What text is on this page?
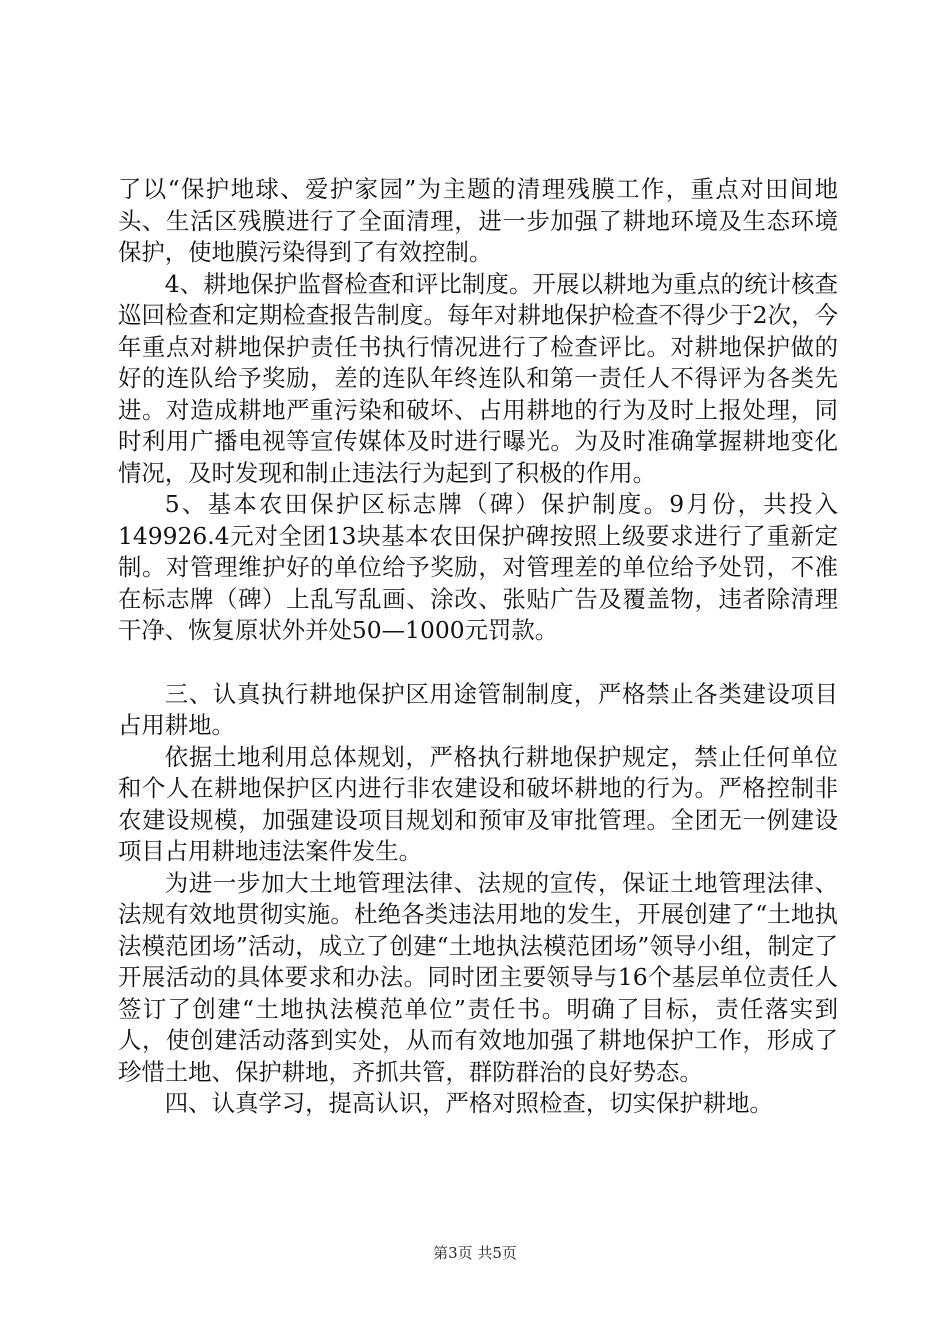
了以“保护地球、爱护家园”为主题的清理残膜工作，重点对田间地头、生活区残膜进行了全面清理，进一步加强了耕地环境及生态环境保护，使地膜污染得到了有效控制。

4、耕地保护监督检查和评比制度。开展以耕地为重点的统计核查巡回检查和定期检查报告制度。每年对耕地保护检查不得少于2次，今年重点对耕地保护责任书执行情况进行了检查评比。对耕地保护做的好的连队给予奖励，差的连队年终连队和第一责任人不得评为各类先进。对造成耕地严重污染和破坏、占用耕地的行为及时上报处理，同时利用广播电视等宣传媒体及时进行曝光。为及时准确掌握耕地变化情况，及时发现和制止违法行为起到了积极的作用。

5、基本农田保护区标志牌（碑）保护制度。9月份，共投入149926.4元对全团13块基本农田保护碑按照上级要求进行了重新定制。对管理维护好的单位给予奖励，对管理差的单位给予处罚，不准在标志牌（碑）上乱写乱画、涂改、张贴广告及覆盖物，违者除清理干净、恢复原状外并处50—1000元罚款。

三、认真执行耕地保护区用途管制制度，严格禁止各类建设项目占用耕地。

依据土地利用总体规划，严格执行耕地保护规定，禁止任何单位和个人在耕地保护区内进行非农建设和破坏耕地的行为。严格控制非农建设规模，加强建设项目规划和预审及审批管理。全团无一例建设项目占用耕地违法案件发生。

为进一步加大土地管理法律、法规的宣传，保证土地管理法律、法规有效地贯彻实施。杜绝各类违法用地的发生，开展创建了“土地执法模范团场”活动，成立了创建“土地执法模范团场”领导小组，制定了开展活动的具体要求和办法。同时团主要领导与16个基层单位责任人签订了创建“土地执法模范单位”责任书。明确了目标，责任落实到人，使创建活动落到实处，从而有效地加强了耕地保护工作，形成了珍惜土地、保护耕地，齐抓共管，群防群治的良好势态。

四、认真学习，提高认识，严格对照检查，切实保护耕地。

第3页 共5页
